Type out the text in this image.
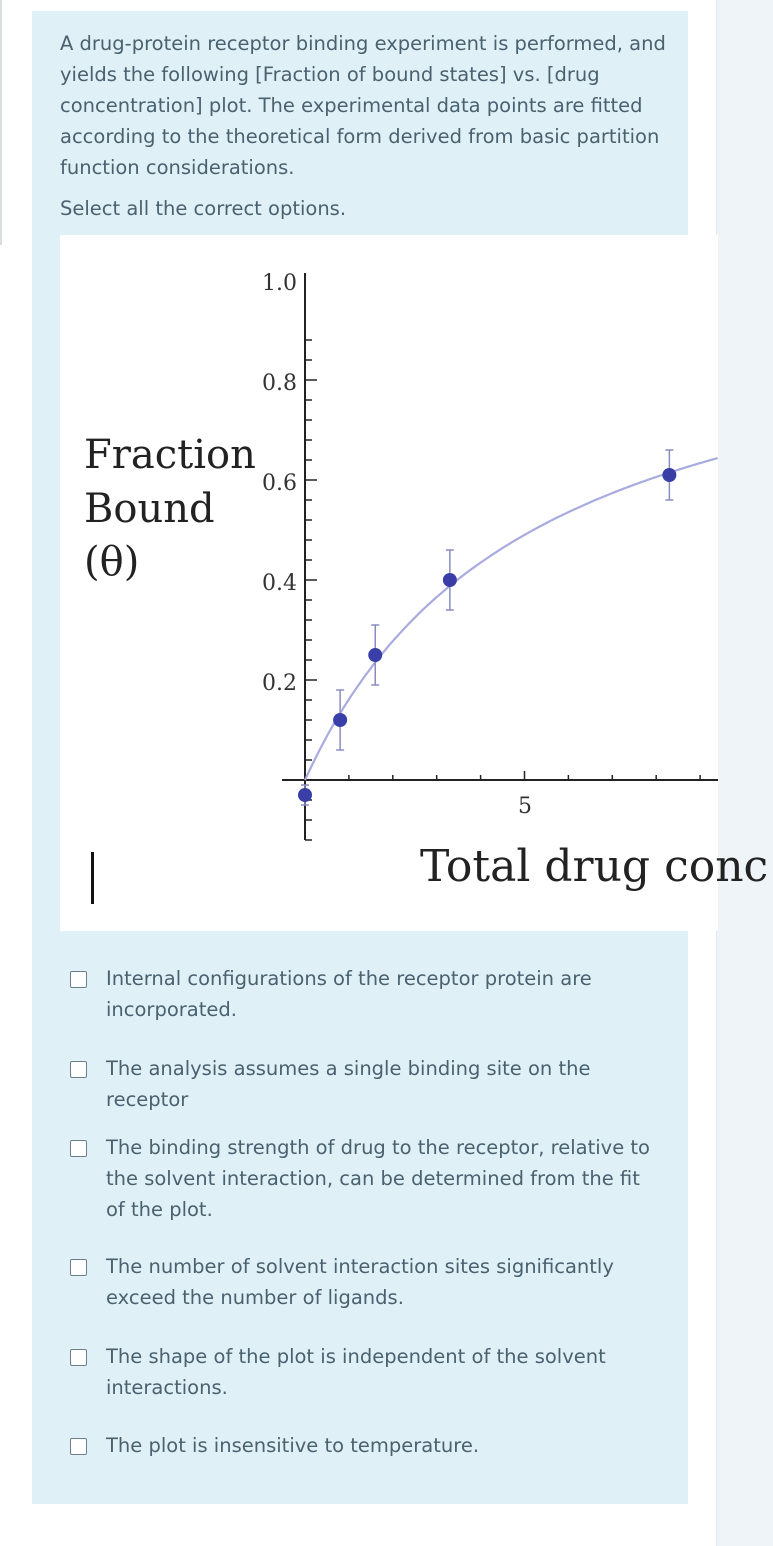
A drug-protein receptor binding experiment is performed, and yields the following [Fraction of bound states] vs. [drug concentration] plot. The experimental data points are fitted according to the theoretical form derived from basic partition function considerations.

Select all the correct options.

Fraction
Bound
(θ)
1.0
0.8
0.6
0.4
0.2
5
Total drug conc
Internal configurations of the receptor protein are incorporated.
The analysis assumes a single binding site on the receptor
The binding strength of drug to the receptor, relative to the solvent interaction, can be determined from the fit of the plot.
The number of solvent interaction sites significantly exceed the number of ligands.
The shape of the plot is independent of the solvent interactions.
The plot is insensitive to temperature.
